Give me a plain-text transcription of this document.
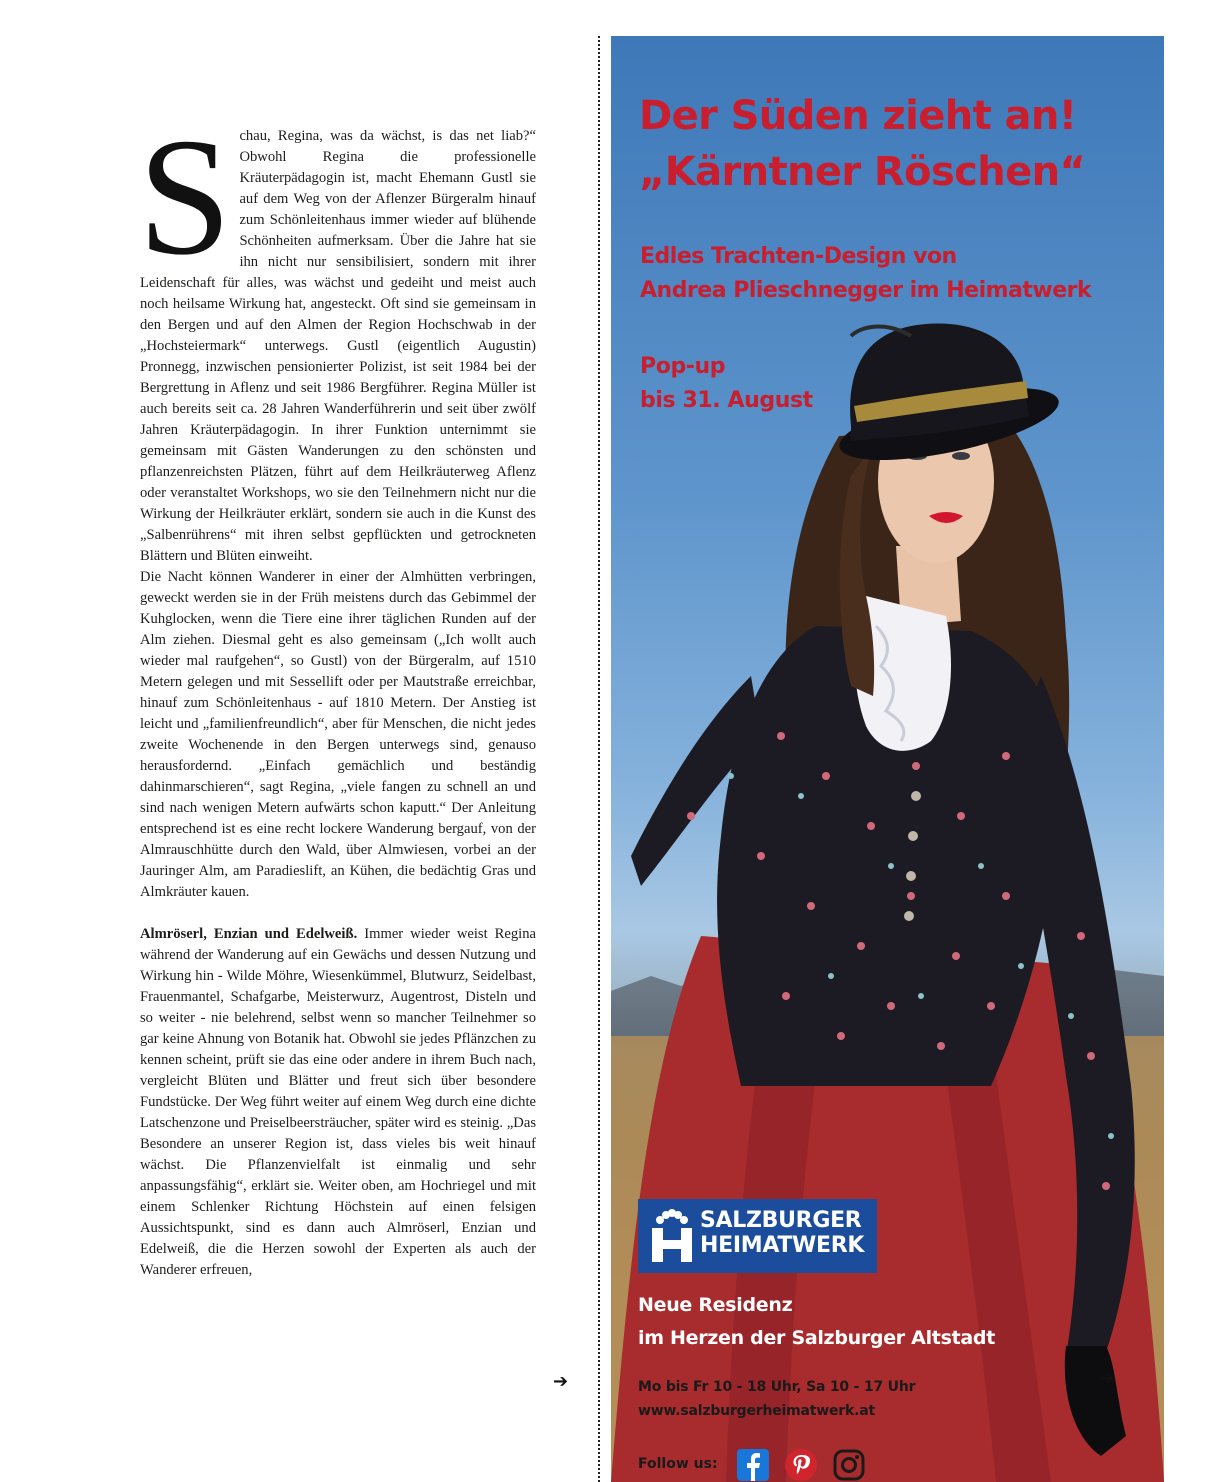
S chau, Regina, was da wächst, is das net liab?“ Obwohl Regina die professionelle Kräuterpädagogin ist, macht Ehemann Gustl sie auf dem Weg von der Aflenzer Bürgeralm hinauf zum Schönleitenhaus immer wieder auf blühende Schönheiten aufmerksam. Über die Jahre hat sie ihn nicht nur sensibilisiert, sondern mit ihrer Leidenschaft für alles, was wächst und gedeiht und meist auch noch heilsame Wirkung hat, angesteckt. Oft sind sie gemeinsam in den Bergen und auf den Almen der Region Hochschwab in der „Hochsteiermark“ unterwegs. Gustl (eigentlich Augustin) Pronnegg, inzwischen pensionierter Polizist, ist seit 1984 bei der Bergrettung in Aflenz und seit 1986 Bergführer. Regina Müller ist auch bereits seit ca. 28 Jahren Wanderführerin und seit über zwölf Jahren Kräuterpädagogin. In ihrer Funktion unternimmt sie gemeinsam mit Gästen Wanderungen zu den schönsten und pflanzenreichsten Plätzen, führt auf dem Heilkräuterweg Aflenz oder veranstaltet Workshops, wo sie den Teilnehmern nicht nur die Wirkung der Heilkräuter erklärt, sondern sie auch in die Kunst des „Salbenrührens“ mit ihren selbst gepflückten und getrockneten Blättern und Blüten einweiht.

Die Nacht können Wanderer in einer der Almhütten verbringen, geweckt werden sie in der Früh meistens durch das Gebimmel der Kuhglocken, wenn die Tiere eine ihrer täglichen Runden auf der Alm ziehen. Diesmal geht es also gemeinsam („Ich wollt auch wieder mal raufgehen“, so Gustl) von der Bürgeralm, auf 1510 Metern gelegen und mit Sessellift oder per Mautstraße erreichbar, hinauf zum Schönleitenhaus - auf 1810 Metern. Der Anstieg ist leicht und „familienfreundlich“, aber für Menschen, die nicht jedes zweite Wochenende in den Bergen unterwegs sind, genauso herausfordernd. „Einfach gemächlich und beständig dahinmarschieren“, sagt Regina, „viele fangen zu schnell an und sind nach wenigen Metern aufwärts schon kaputt.“ Der Anleitung entsprechend ist es eine recht lockere Wanderung bergauf, von der Almrauschhütte durch den Wald, über Almwiesen, vorbei an der Jauringer Alm, am Paradieslift, an Kühen, die bedächtig Gras und Almkräuter kauen.

Almröserl, Enzian und Edelweiß. Immer wieder weist Regina während der Wanderung auf ein Gewächs und dessen Nutzung und Wirkung hin - Wilde Möhre, Wiesenkümmel, Blutwurz, Seidelbast, Frauenmantel, Schafgarbe, Meisterwurz, Augentrost, Disteln und so weiter - nie belehrend, selbst wenn so mancher Teilnehmer so gar keine Ahnung von Botanik hat. Obwohl sie jedes Pflänzchen zu kennen scheint, prüft sie das eine oder andere in ihrem Buch nach, vergleicht Blüten und Blätter und freut sich über besondere Fundstücke. Der Weg führt weiter auf einem Weg durch eine dichte Latschenzone und Preiselbeersträucher, später wird es steinig. „Das Besondere an unserer Region ist, dass vieles bis weit hinauf wächst. Die Pflanzenvielfalt ist einmalig und sehr anpassungsfähig“, erklärt sie. Weiter oben, am Hochriegel und mit einem Schlenker Richtung Höchstein auf einen felsigen Aussichtspunkt, sind es dann auch Almröserl, Enzian und Edelweiß, die die Herzen sowohl der Experten als auch der Wanderer erfreuen,

➔
Der Süden zieht an!
„Kärntner Röschen“
Edles Trachten-Design von
Andrea Plieschnegger im Heimatwerk
Pop-up
bis 31. August
SALZBURGER
HEIMATWERK
Neue Residenz
im Herzen der Salzburger Altstadt
Mo bis Fr 10 - 18 Uhr, Sa 10 - 17 Uhr
www.salzburgerheimatwerk.at
➔
Follow us:
